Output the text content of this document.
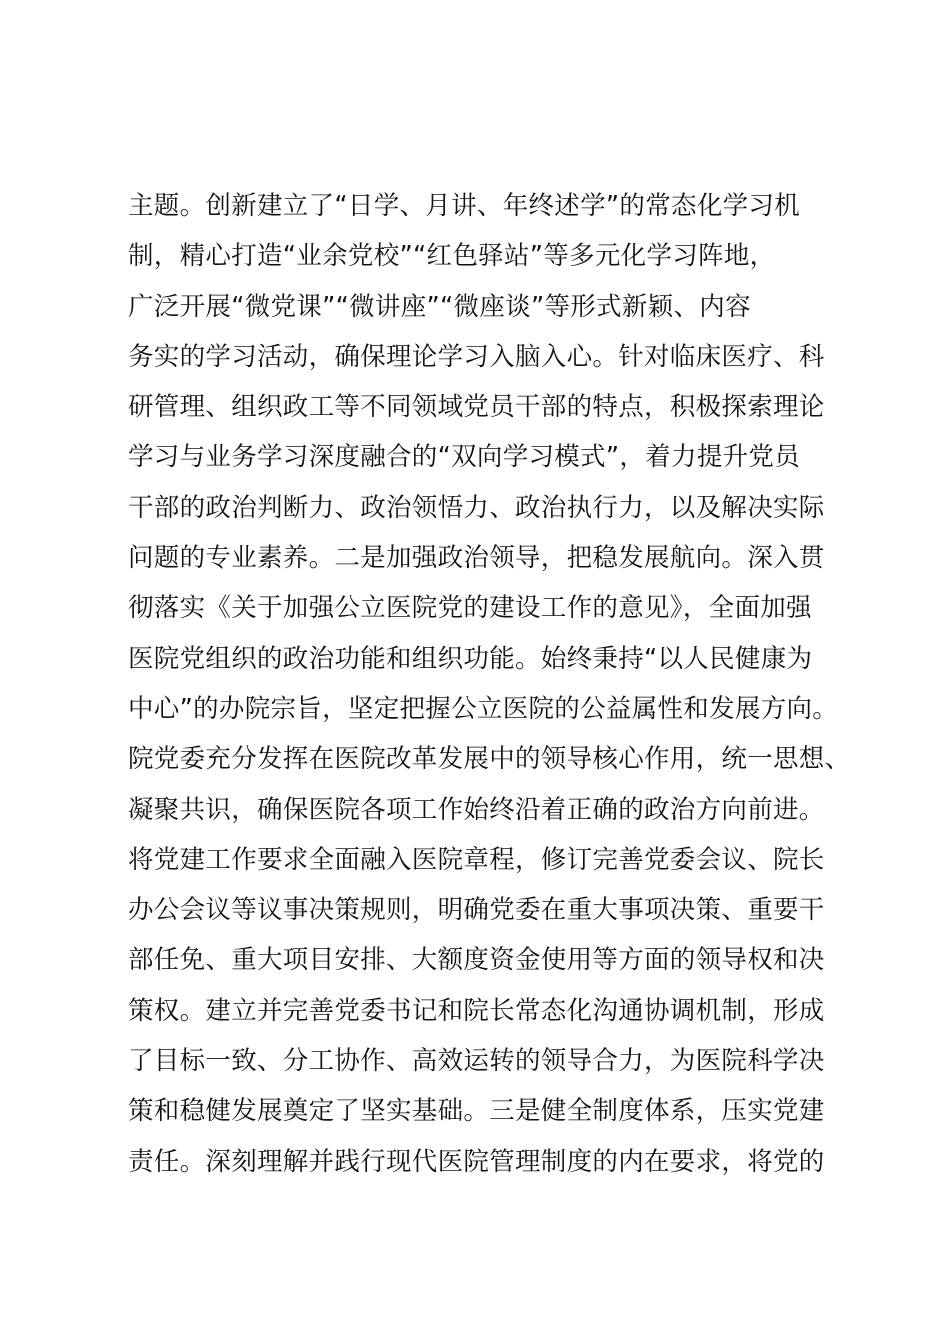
主题。创新建立了“日学、月讲、年终述学”的常态化学习机
制，精心打造“业余党校”“红色驿站”等多元化学习阵地，
广泛开展“微党课”“微讲座”“微座谈”等形式新颖、内容
务实的学习活动，确保理论学习入脑入心。针对临床医疗、科
研管理、组织政工等不同领域党员干部的特点，积极探索理论
学习与业务学习深度融合的“双向学习模式”，着力提升党员
干部的政治判断力、政治领悟力、政治执行力，以及解决实际
问题的专业素养。二是加强政治领导，把稳发展航向。深入贯
彻落实《关于加强公立医院党的建设工作的意见》，全面加强
医院党组织的政治功能和组织功能。始终秉持“以人民健康为
中心”的办院宗旨，坚定把握公立医院的公益属性和发展方向。
院党委充分发挥在医院改革发展中的领导核心作用，统一思想、
凝聚共识，确保医院各项工作始终沿着正确的政治方向前进。
将党建工作要求全面融入医院章程，修订完善党委会议、院长
办公会议等议事决策规则，明确党委在重大事项决策、重要干
部任免、重大项目安排、大额度资金使用等方面的领导权和决
策权。建立并完善党委书记和院长常态化沟通协调机制，形成
了目标一致、分工协作、高效运转的领导合力，为医院科学决
策和稳健发展奠定了坚实基础。三是健全制度体系，压实党建
责任。深刻理解并践行现代医院管理制度的内在要求，将党的
